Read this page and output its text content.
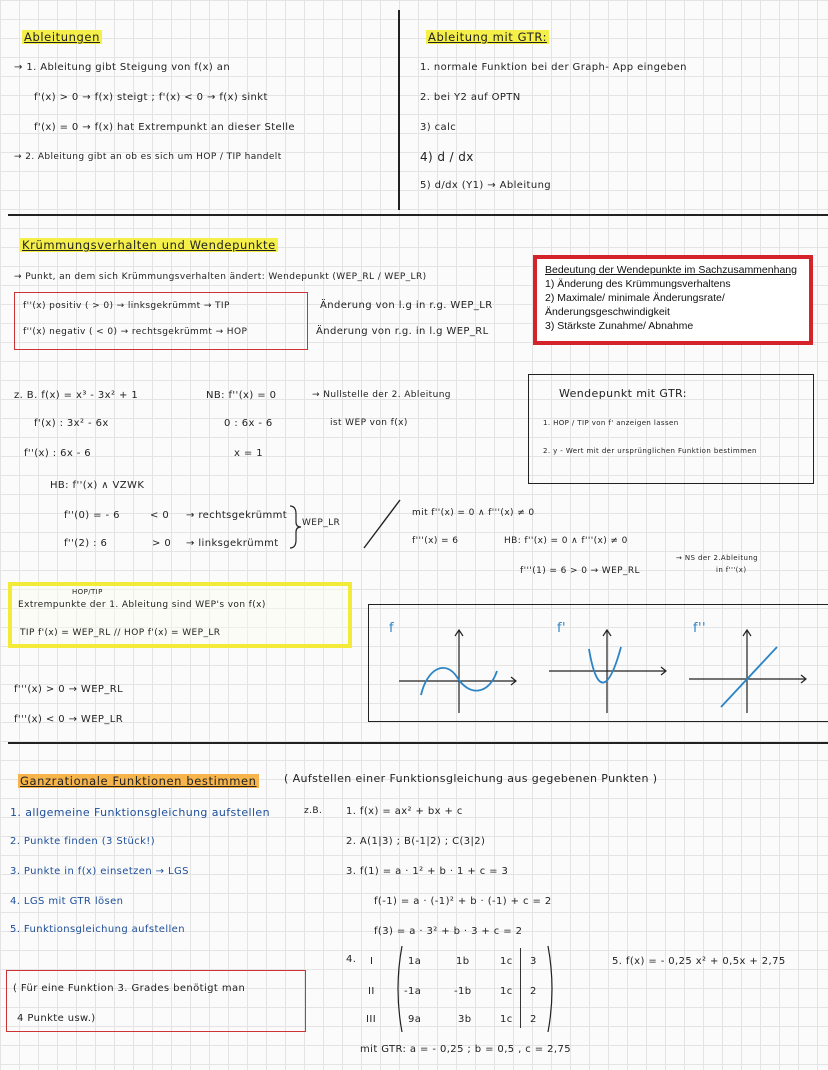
Ableitungen
→ 1. Ableitung gibt Steigung von f(x) an
f'(x) > 0 → f(x) steigt ; f'(x) < 0 → f(x) sinkt
f'(x) = 0 → f(x) hat Extrempunkt an dieser Stelle
→ 2. Ableitung gibt an ob es sich um HOP / TIP handelt
Ableitung mit GTR:
1. normale Funktion bei der Graph- App eingeben
2. bei Y2 auf OPTN
3) calc
4) d / dx
5) d/dx (Y1) → Ableitung
Krümmungsverhalten und Wendepunkte
→ Punkt, an dem sich Krümmungsverhalten ändert: Wendepunkt (WEP_RL / WEP_LR)
f''(x) positiv ( > 0) → linksgekrümmt → TIP
f''(x) negativ ( < 0) → rechtsgekrümmt → HOP
Änderung von l.g in r.g. WEP_LR
Änderung von r.g. in l.g WEP_RL
Bedeutung der Wendepunkte im Sachzusammenhang
1) Änderung des Krümmungsverhaltens
2) Maximale/ minimale Änderungsrate/
Änderungsgeschwindigkeit
3) Stärkste Zunahme/ Abnahme
z. B. f(x) = x³ - 3x² + 1
f'(x) : 3x² - 6x
f''(x) : 6x - 6
NB: f''(x) = 0
0 : 6x - 6
x = 1
→ Nullstelle der 2. Ableitung
ist WEP von f(x)
HB: f''(x) ∧ VZWK
f''(0) = - 6	< 0 → rechtsgekrümmt
f''(2) : 6	> 0 → linksgekrümmt
WEP_LR
Wendepunkt mit GTR:
1. HOP / TIP von f' anzeigen lassen
2. y - Wert mit der ursprünglichen Funktion bestimmen
mit f''(x) = 0 ∧ f'''(x) ≠ 0
f'''(x) = 6	HB: f''(x) = 0 ∧ f'''(x) ≠ 0
f'''(1) = 6 > 0 → WEP_RL
→ NS der 2.Ableitung
in f'''(x)
HOP/TIP
Extrempunkte der 1. Ableitung sind WEP's von f(x)
TIP f'(x) = WEP_RL // HOP f'(x) = WEP_LR
f'''(x) > 0 → WEP_RL
f'''(x) < 0 → WEP_LR
f	f'	f''
Ganzrationale Funktionen bestimmen ( Aufstellen einer Funktionsgleichung aus gegebenen Punkten )
1. allgemeine Funktionsgleichung aufstellen
2. Punkte finden (3 Stück!)
3. Punkte in f(x) einsetzen → LGS
4. LGS mit GTR lösen
5. Funktionsgleichung aufstellen
( Für eine Funktion 3. Grades benötigt man
4 Punkte usw.)
z.B. 1. f(x) = ax² + bx + c
2. A(1|3) ; B(-1|2) ; C(3|2)
3. f(1) = a · 1² + b · 1 + c = 3
f(-1) = a · (-1)² + b · (-1) + c = 2
f(3) = a · 3² + b · 3 + c = 2
4.	5. f(x) = - 0,25 x² + 0,5x + 2,75
I	1a	1b	1c 3
II	-1a	-1b	1c 2
III	9a	3b	1c 2
mit GTR: a = - 0,25 ; b = 0,5 , c = 2,75
